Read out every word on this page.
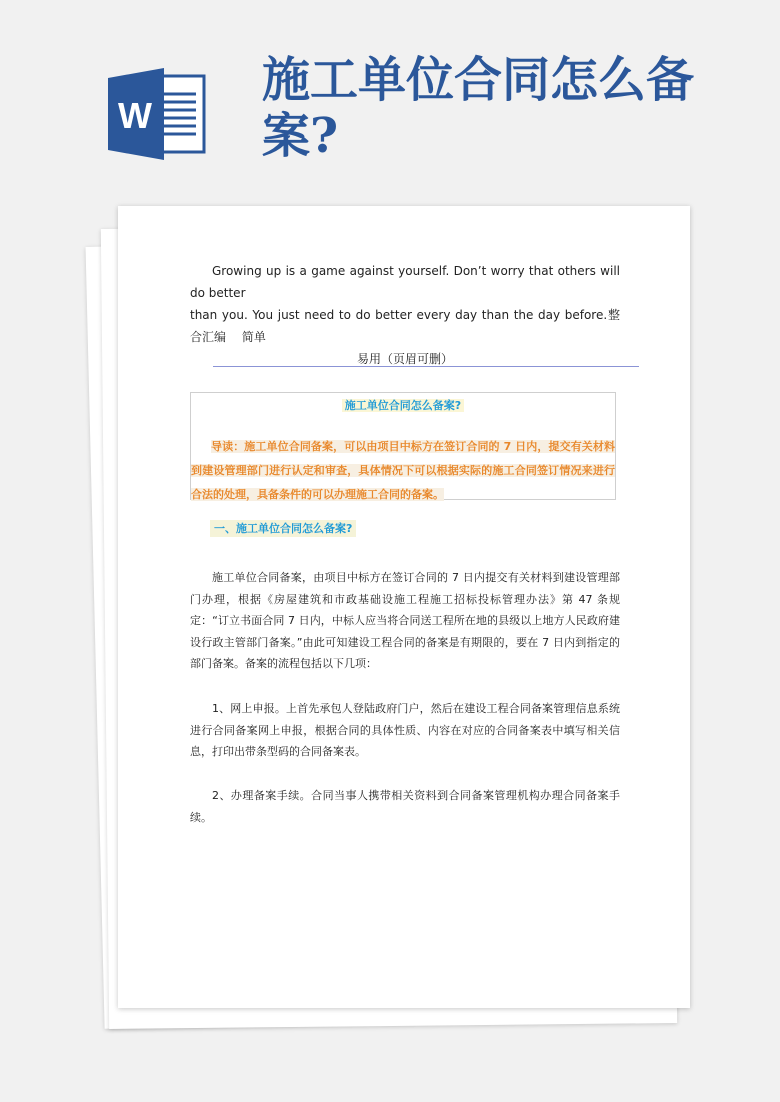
W
施工单位合同怎么备案?
Growing up is a game against yourself. Don’t worry that others will do better
than you. You just need to do better every day than the day before.整合汇编　 简单
易用（页眉可删）
施工单位合同怎么备案?
导读：施工单位合同备案，可以由项目中标方在签订合同的 7 日内，提交有关材料到建设管理部门进行认定和审查，具体情况下可以根据实际的施工合同签订情况来进行合法的处理，具备条件的可以办理施工合同的备案。
一、施工单位合同怎么备案?

施工单位合同备案，由项目中标方在签订合同的 7 日内提交有关材料到建设管理部门办理，根据《房屋建筑和市政基础设施工程施工招标投标管理办法》第 47 条规定：“订立书面合同 7 日内，中标人应当将合同送工程所在地的县级以上地方人民政府建设行政主管部门备案。”由此可知建设工程合同的备案是有期限的，要在 7 日内到指定的部门备案。备案的流程包括以下几项：

1、网上申报。上首先承包人登陆政府门户，然后在建设工程合同备案管理信息系统进行合同备案网上申报，根据合同的具体性质、内容在对应的合同备案表中填写相关信息，打印出带条型码的合同备案表。

2、办理备案手续。合同当事人携带相关资料到合同备案管理机构办理合同备案手续。
